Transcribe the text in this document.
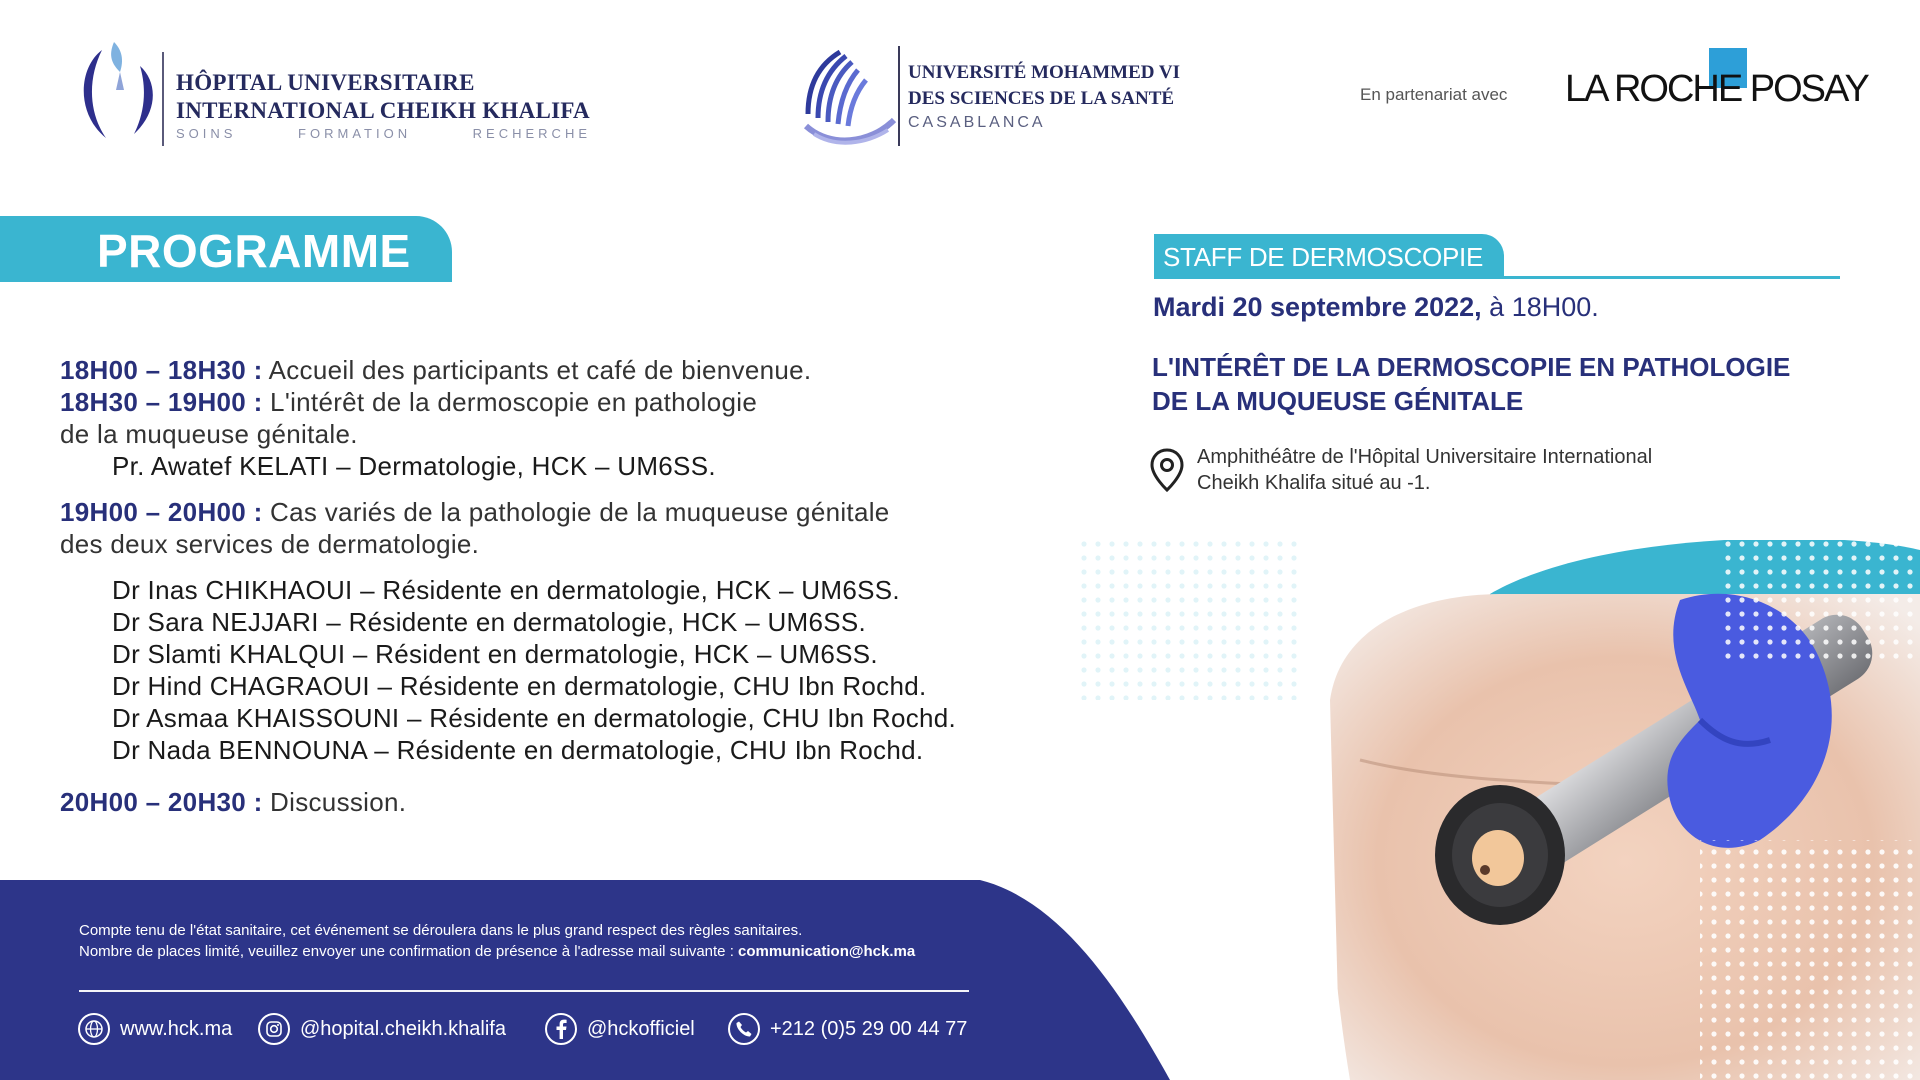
HÔPITAL UNIVERSITAIRE
INTERNATIONAL CHEIKH KHALIFA
SOINS	FORMATION	RECHERCHE
UNIVERSITÉ MOHAMMED VI
DES SCIENCES DE LA SANTÉ
CASABLANCA
En partenariat avec LA ROCHE POSAY
PROGRAMME

18H00 – 18H30 : Accueil des participants et café de bienvenue.

18H30 – 19H00 : L'intérêt de la dermoscopie en pathologie

de la muqueuse génitale.

Pr. Awatef KELATI – Dermatologie, HCK – UM6SS.

19H00 – 20H00 : Cas variés de la pathologie de la muqueuse génitale

des deux services de dermatologie.

Dr Inas CHIKHAOUI – Résidente en dermatologie, HCK – UM6SS.

Dr Sara NEJJARI – Résidente en dermatologie, HCK – UM6SS.

Dr Slamti KHALQUI – Résident en dermatologie, HCK – UM6SS.

Dr Hind CHAGRAOUI – Résidente en dermatologie, CHU Ibn Rochd.

Dr Asmaa KHAISSOUNI – Résidente en dermatologie, CHU Ibn Rochd.

Dr Nada BENNOUNA – Résidente en dermatologie, CHU Ibn Rochd.

20H00 – 20H30 : Discussion.

STAFF DE DERMOSCOPIE
Mardi 20 septembre 2022, à 18H00.
L'INTÉRÊT DE LA DERMOSCOPIE EN PATHOLOGIE
DE LA MUQUEUSE GÉNITALE
Amphithéâtre de l'Hôpital Universitaire International
Cheikh Khalifa situé au -1.
Compte tenu de l'état sanitaire, cet événement se déroulera dans le plus grand respect des règles sanitaires.
Nombre de places limité, veuillez envoyer une confirmation de présence à l'adresse mail suivante : communication@hck.ma
www.hck.ma	@hopital.cheikh.khalifa	@hckofficiel	+212 (0)5 29 00 44 77
